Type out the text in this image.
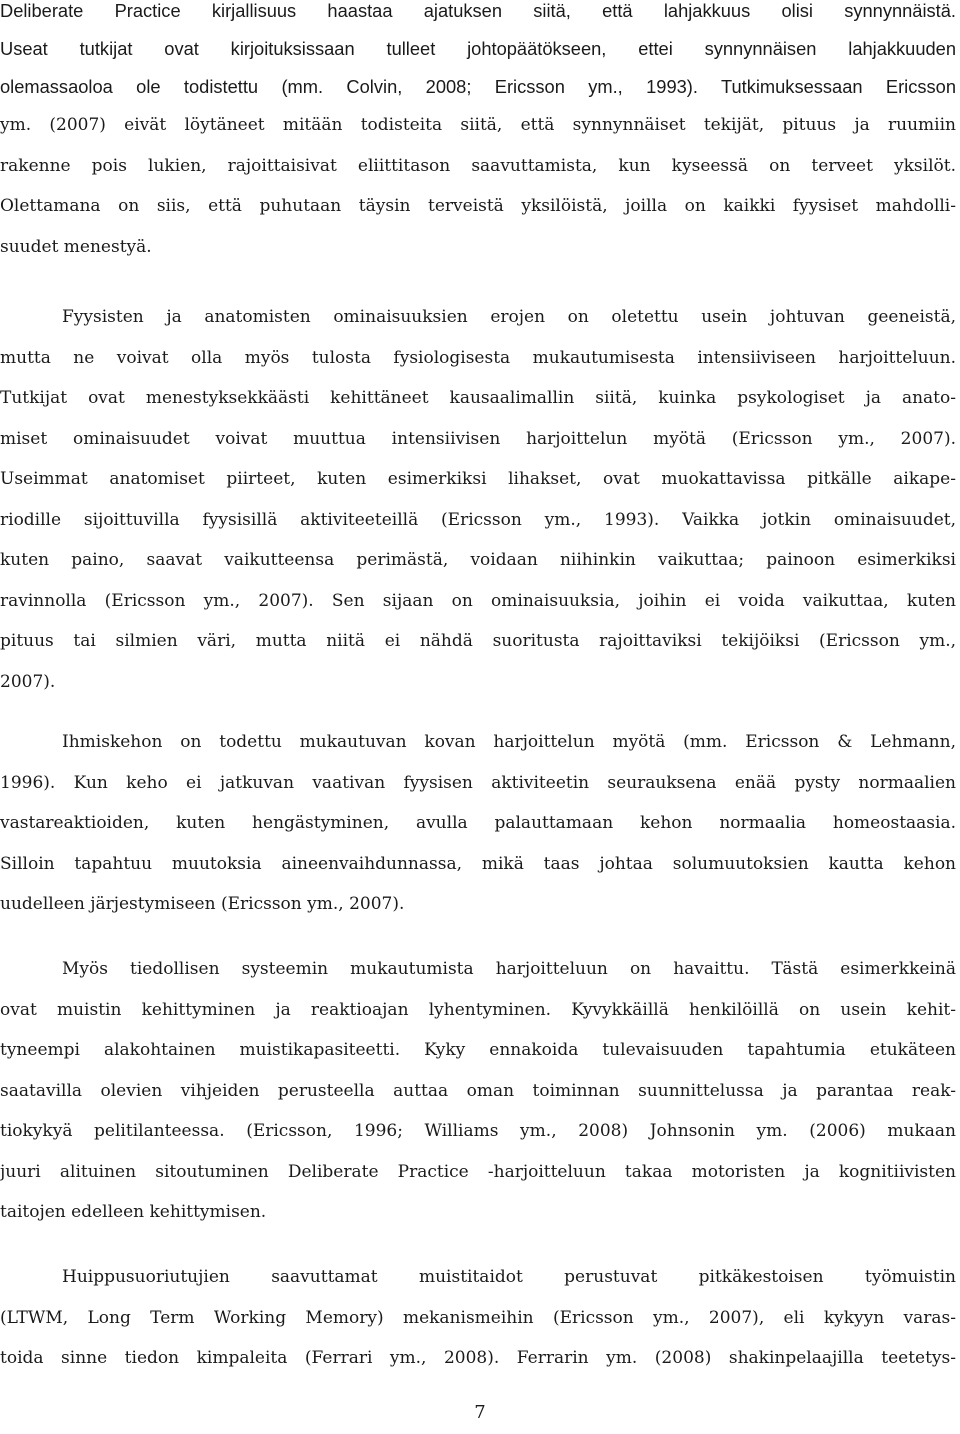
Deliberate Practice kirjallisuus haastaa ajatuksen siitä, että lahjakkuus olisi synnynnäistä.
Useat tutkijat ovat kirjoituksissaan tulleet johtopäätökseen, ettei synnynnäisen lahjakkuuden
olemassaoloa ole todistettu (mm. Colvin, 2008; Ericsson ym., 1993). Tutkimuksessaan Ericsson
ym. (2007) eivät löytäneet mitään todisteita siitä, että synnynnäiset tekijät, pituus ja ruumiin
rakenne pois lukien, rajoittaisivat eliittitason saavuttamista, kun kyseessä on terveet yksilöt.
Olettamana on siis, että puhutaan täysin terveistä yksilöistä, joilla on kaikki fyysiset mahdolli-
suudet menestyä.
Fyysisten ja anatomisten ominaisuuksien erojen on oletettu usein johtuvan geeneistä,
mutta ne voivat olla myös tulosta fysiologisesta mukautumisesta intensiiviseen harjoitteluun.
Tutkijat ovat menestyksekkäästi kehittäneet kausaalimallin siitä, kuinka psykologiset ja anato-
miset ominaisuudet voivat muuttua intensiivisen harjoittelun myötä (Ericsson ym., 2007).
Useimmat anatomiset piirteet, kuten esimerkiksi lihakset, ovat muokattavissa pitkälle aikape-
riodille sijoittuvilla fyysisillä aktiviteeteillä (Ericsson ym., 1993). Vaikka jotkin ominaisuudet,
kuten paino, saavat vaikutteensa perimästä, voidaan niihinkin vaikuttaa; painoon esimerkiksi
ravinnolla (Ericsson ym., 2007). Sen sijaan on ominaisuuksia, joihin ei voida vaikuttaa, kuten
pituus tai silmien väri, mutta niitä ei nähdä suoritusta rajoittaviksi tekijöiksi (Ericsson ym.,
2007).
Ihmiskehon on todettu mukautuvan kovan harjoittelun myötä (mm. Ericsson & Lehmann,
1996). Kun keho ei jatkuvan vaativan fyysisen aktiviteetin seurauksena enää pysty normaalien
vastareaktioiden, kuten hengästyminen, avulla palauttamaan kehon normaalia homeostaasia.
Silloin tapahtuu muutoksia aineenvaihdunnassa, mikä taas johtaa solumuutoksien kautta kehon
uudelleen järjestymiseen (Ericsson ym., 2007).
Myös tiedollisen systeemin mukautumista harjoitteluun on havaittu. Tästä esimerkkeinä
ovat muistin kehittyminen ja reaktioajan lyhentyminen. Kyvykkäillä henkilöillä on usein kehit-
tyneempi alakohtainen muistikapasiteetti. Kyky ennakoida tulevaisuuden tapahtumia etukäteen
saatavilla olevien vihjeiden perusteella auttaa oman toiminnan suunnittelussa ja parantaa reak-
tiokykyä pelitilanteessa. (Ericsson, 1996; Williams ym., 2008) Johnsonin ym. (2006) mukaan
juuri alituinen sitoutuminen Deliberate Practice -harjoitteluun takaa motoristen ja kognitiivisten
taitojen edelleen kehittymisen.
Huippusuoriutujien saavuttamat muistitaidot perustuvat pitkäkestoisen työmuistin
(LTWM, Long Term Working Memory) mekanismeihin (Ericsson ym., 2007), eli kykyyn varas-
toida sinne tiedon kimpaleita (Ferrari ym., 2008). Ferrarin ym. (2008) shakinpelaajilla teetetys-
7
